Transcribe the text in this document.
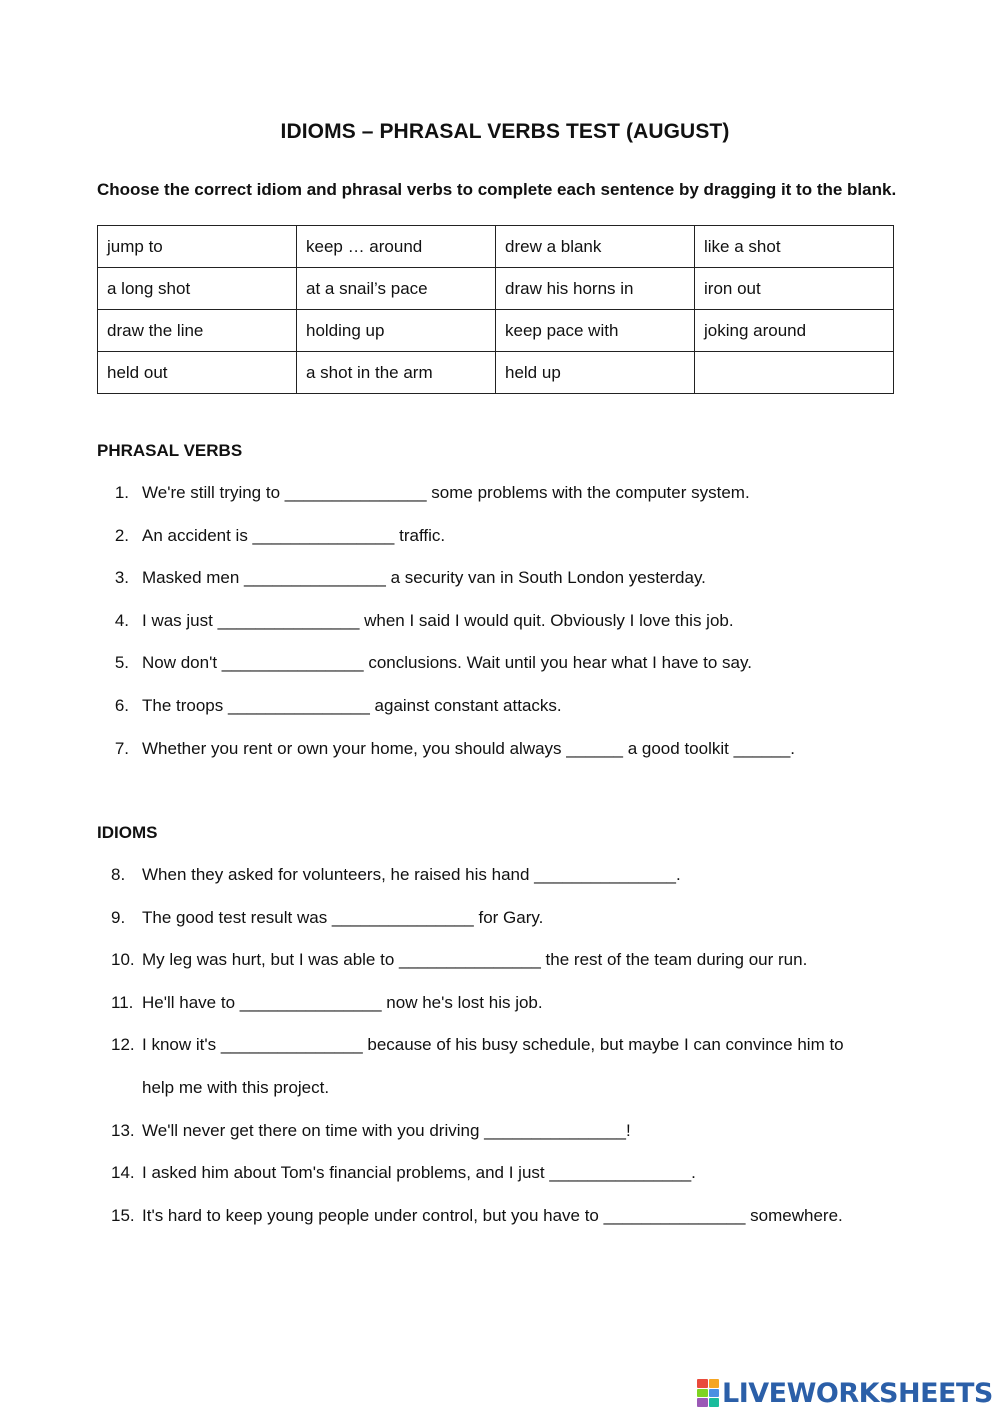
IDIOMS – PHRASAL VERBS TEST (AUGUST)
Choose the correct idiom and phrasal verbs to complete each sentence by dragging it to the blank.
jump to	keep … around	drew a blank	like a shot
a long shot	at a snail’s pace	draw his horns in	iron out
draw the line	holding up	keep pace with	joking around
held out	a shot in the arm	held up	
PHRASAL VERBS
1. We're still trying to _______________ some problems with the computer system.
2. An accident is _______________ traffic.
3. Masked men _______________ a security van in South London yesterday.
4. I was just _______________ when I said I would quit. Obviously I love this job.
5. Now don't _______________ conclusions. Wait until you hear what I have to say.
6. The troops _______________ against constant attacks.
7. Whether you rent or own your home, you should always ______ a good toolkit ______.
IDIOMS
8. When they asked for volunteers, he raised his hand _______________.
9. The good test result was _______________ for Gary.
10. My leg was hurt, but I was able to _______________ the rest of the team during our run.
11. He'll have to _______________ now he's lost his job.
12. I know it's _______________ because of his busy schedule, but maybe I can convince him to
help me with this project.
13. We'll never get there on time with you driving _______________!
14. I asked him about Tom's financial problems, and I just _______________.
15. It's hard to keep young people under control, but you have to _______________ somewhere.
LIVEWORKSHEETS
